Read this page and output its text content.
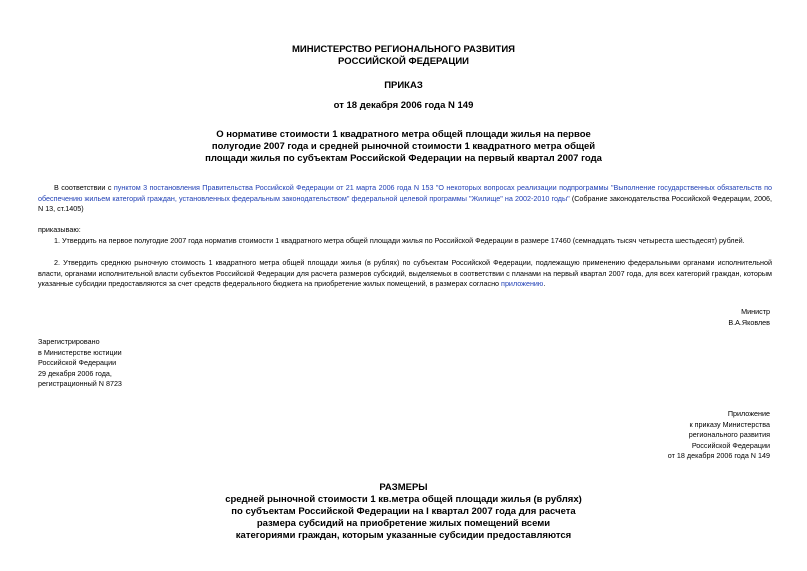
МИНИСТЕРСТВО РЕГИОНАЛЬНОГО РАЗВИТИЯ
РОССИЙСКОЙ ФЕДЕРАЦИИ
ПРИКАЗ
от 18 декабря 2006 года N 149
О нормативе стоимости 1 квадратного метра общей площади жилья на первое
полугодие 2007 года и средней рыночной стоимости 1 квадратного метра общей
площади жилья по субъектам Российской Федерации на первый квартал 2007 года
В соответствии с пунктом 3 постановления Правительства Российской Федерации от 21 марта 2006 года N 153 "О некоторых вопросах реализации подпрограммы "Выполнение государственных обязательств по обеспечению жильем категорий граждан, установленных федеральным законодательством" федеральной целевой программы "Жилище" на 2002-2010 годы" (Собрание законодательства Российской Федерации, 2006, N 13, ст.1405)
приказываю:
1. Утвердить на первое полугодие 2007 года норматив стоимости 1 квадратного метра общей площади жилья по Российской Федерации в размере 17460 (семнадцать тысяч четыреста шестьдесят) рублей.
2. Утвердить среднюю рыночную стоимость 1 квадратного метра общей площади жилья (в рублях) по субъектам Российской Федерации, подлежащую применению федеральными органами исполнительной власти, органами исполнительной власти субъектов Российской Федерации для расчета размеров субсидий, выделяемых в соответствии с планами на первый квартал 2007 года, для всех категорий граждан, которым указанные субсидии предоставляются за счет средств федерального бюджета на приобретение жилых помещений, в размерах согласно приложению.
Министр
В.А.Яковлев
Зарегистрировано
в Министерстве юстиции
Российской Федерации
29 декабря 2006 года,
регистрационный N 8723
Приложение
к приказу Министерства
регионального развития
Российской Федерации
от 18 декабря 2006 года N 149
РАЗМЕРЫ
средней рыночной стоимости 1 кв.метра общей площади жилья (в рублях)
по субъектам Российской Федерации на I квартал 2007 года для расчета
размера субсидий на приобретение жилых помещений всеми
категориями граждан, которым указанные субсидии предоставляются
